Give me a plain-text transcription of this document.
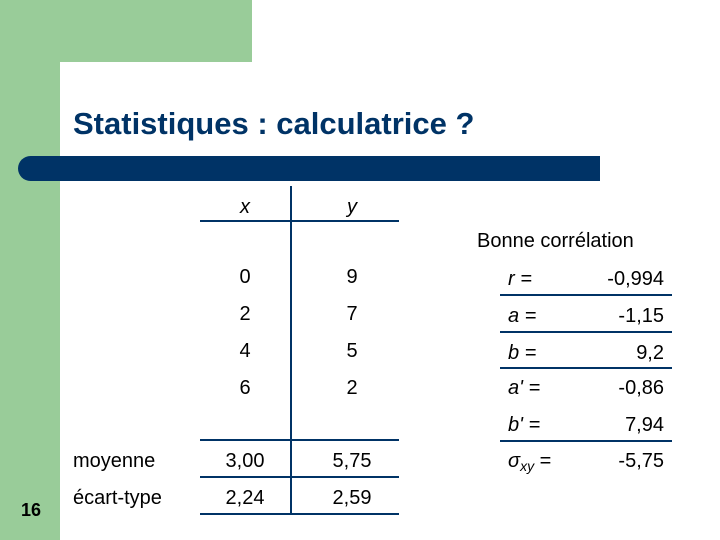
Statistiques : calculatrice ?
x	y
0	9
2	7
4	5
6	2
moyenne	3,00	5,75
écart-type	2,24	2,59
Bonne corrélation
r =	-0,994
a =	-1,15
b =	9,2
a' =	-0,86
b' =	7,94
$\sigma_{xy}$ =	-5,75
16
